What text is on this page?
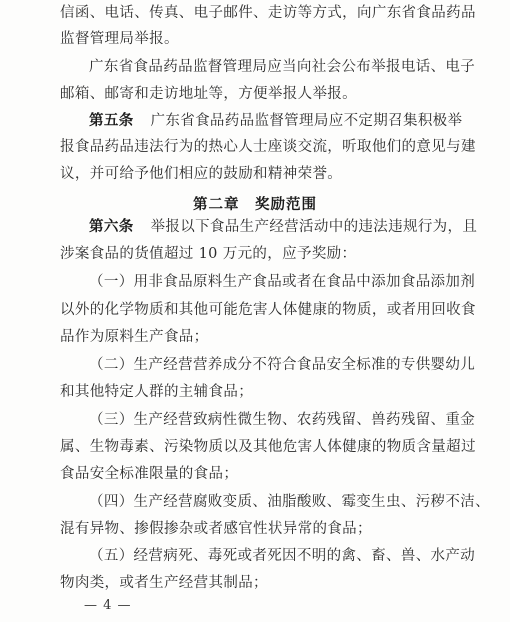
信函、电话、传真、电子邮件、走访等方式，向广东省食品药品
监督管理局举报。
广东省食品药品监督管理局应当向社会公布举报电话、电子
邮箱、邮寄和走访地址等，方便举报人举报。
第五条 广东省食品药品监督管理局应不定期召集积极举
报食品药品违法行为的热心人士座谈交流，听取他们的意见与建
议，并可给予他们相应的鼓励和精神荣誉。
第二章　奖励范围
第六条 举报以下食品生产经营活动中的违法违规行为，且
涉案食品的货值超过 10 万元的，应予奖励：
（一）用非食品原料生产食品或者在食品中添加食品添加剂
以外的化学物质和其他可能危害人体健康的物质，或者用回收食
品作为原料生产食品；
（二）生产经营营养成分不符合食品安全标准的专供婴幼儿
和其他特定人群的主辅食品；
（三）生产经营致病性微生物、农药残留、兽药残留、重金
属、生物毒素、污染物质以及其他危害人体健康的物质含量超过
食品安全标准限量的食品；
（四）生产经营腐败变质、油脂酸败、霉变生虫、污秽不洁、
混有异物、掺假掺杂或者感官性状异常的食品；
（五）经营病死、毒死或者死因不明的禽、畜、兽、水产动
物肉类，或者生产经营其制品；
— 4 —
